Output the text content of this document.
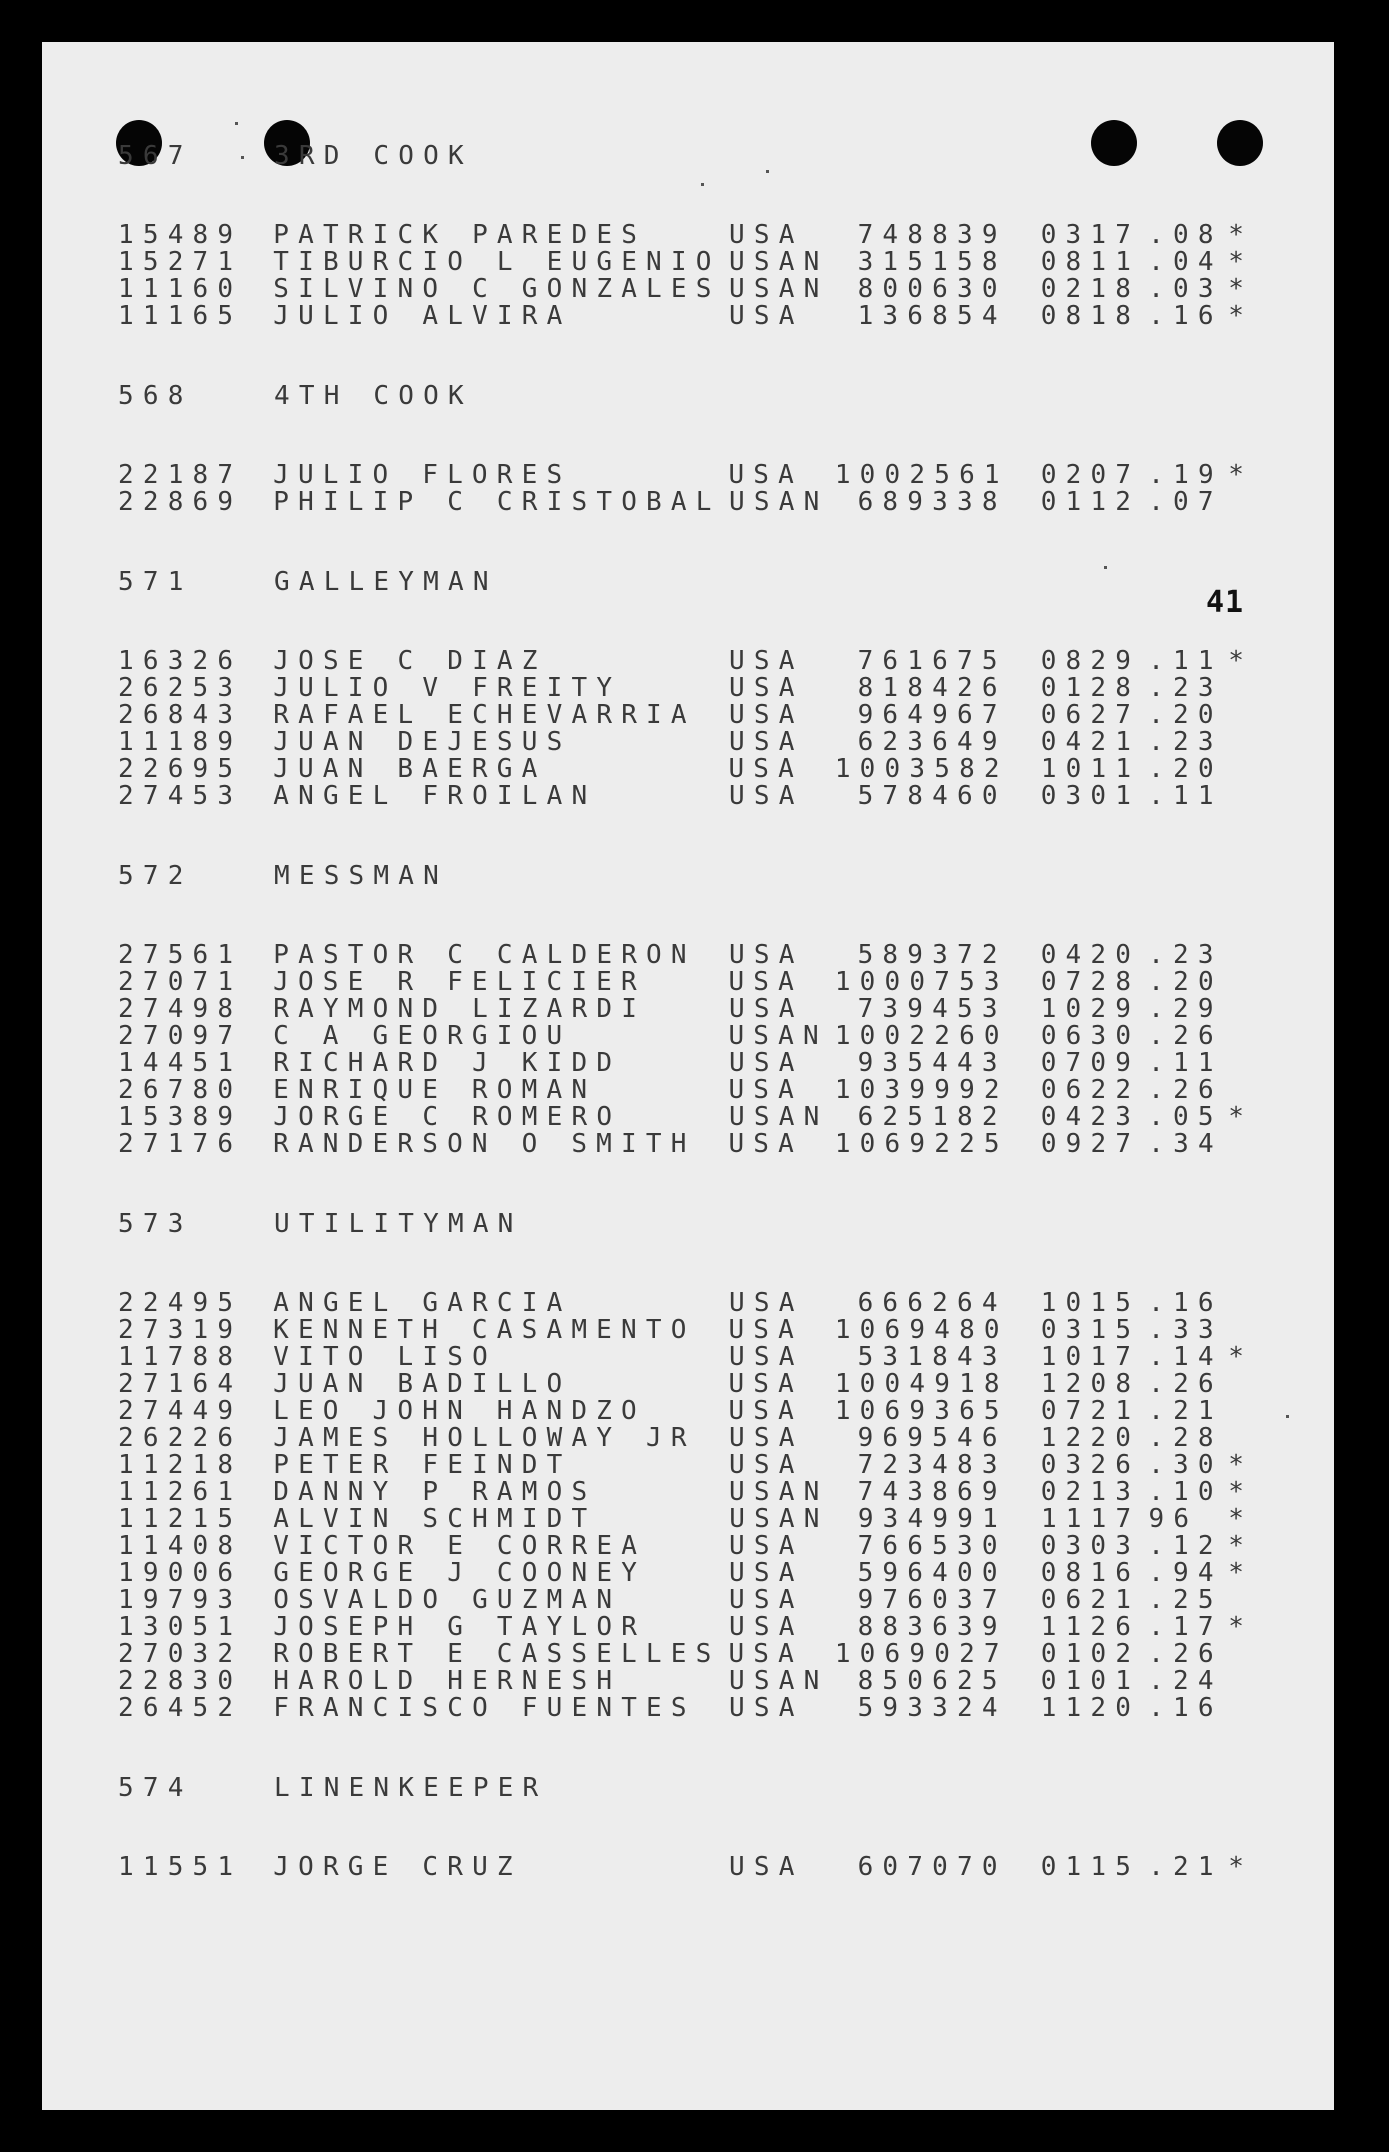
41
567	3RD COOK
15489	PATRICK PAREDES	USA	748839	0317 .08 *
15271	TIBURCIO L EUGENIO USAN	315158	0811 .04 *
11160	SILVINO C GONZALES USAN	800630	0218 .03 *
11165	JULIO ALVIRA	USA	136854	0818 .16 *
568	4TH COOK
22187	JULIO FLORES	USA	1002561	0207 .19 *
22869	PHILIP C CRISTOBAL USAN	689338	0112 .07
571	GALLEYMAN
16326	JOSE C DIAZ	USA	761675	0829 .11 *
26253	JULIO V FREITY	USA	818426	0128 .23
26843	RAFAEL ECHEVARRIA	USA	964967	0627 .20
11189	JUAN DEJESUS	USA	623649	0421 .23
22695	JUAN BAERGA	USA	1003582	1011 .20
27453	ANGEL FROILAN	USA	578460	0301 .11
572	MESSMAN
27561	PASTOR C CALDERON	USA	589372	0420 .23
27071	JOSE R FELICIER	USA	1000753	0728 .20
27498	RAYMOND LIZARDI	USA	739453	1029 .29
27097	C A GEORGIOU	USAN 1002260	0630 .26
14451	RICHARD J KIDD	USA	935443	0709 .11
26780	ENRIQUE ROMAN	USA	1039992	0622 .26
15389	JORGE C ROMERO	USAN	625182	0423 .05 *
27176	RANDERSON O SMITH	USA	1069225	0927 .34
573	UTILITYMAN
22495	ANGEL GARCIA	USA	666264	1015 .16
27319	KENNETH CASAMENTO	USA	1069480	0315 .33
11788	VITO LISO	USA	531843	1017 .14 *
27164	JUAN BADILLO	USA	1004918	1208 .26
27449	LEO JOHN HANDZO	USA	1069365	0721 .21
26226	JAMES HOLLOWAY JR	USA	969546	1220 .28
11218	PETER FEINDT	USA	723483	0326 .30 *
11261	DANNY P RAMOS	USAN	743869	0213 .10 *
11215	ALVIN SCHMIDT	USAN	934991	1117 96	*
11408	VICTOR E CORREA	USA	766530	0303 .12 *
19006	GEORGE J COONEY	USA	596400	0816 .94 *
19793	OSVALDO GUZMAN	USA	976037	0621 .25
13051	JOSEPH G TAYLOR	USA	883639	1126 .17 *
27032	ROBERT E CASSELLES USA	1069027	0102 .26
22830	HAROLD HERNESH	USAN	850625	0101 .24
26452	FRANCISCO FUENTES	USA	593324	1120 .16
574	LINENKEEPER
11551	JORGE CRUZ	USA	607070	0115 .21 *
